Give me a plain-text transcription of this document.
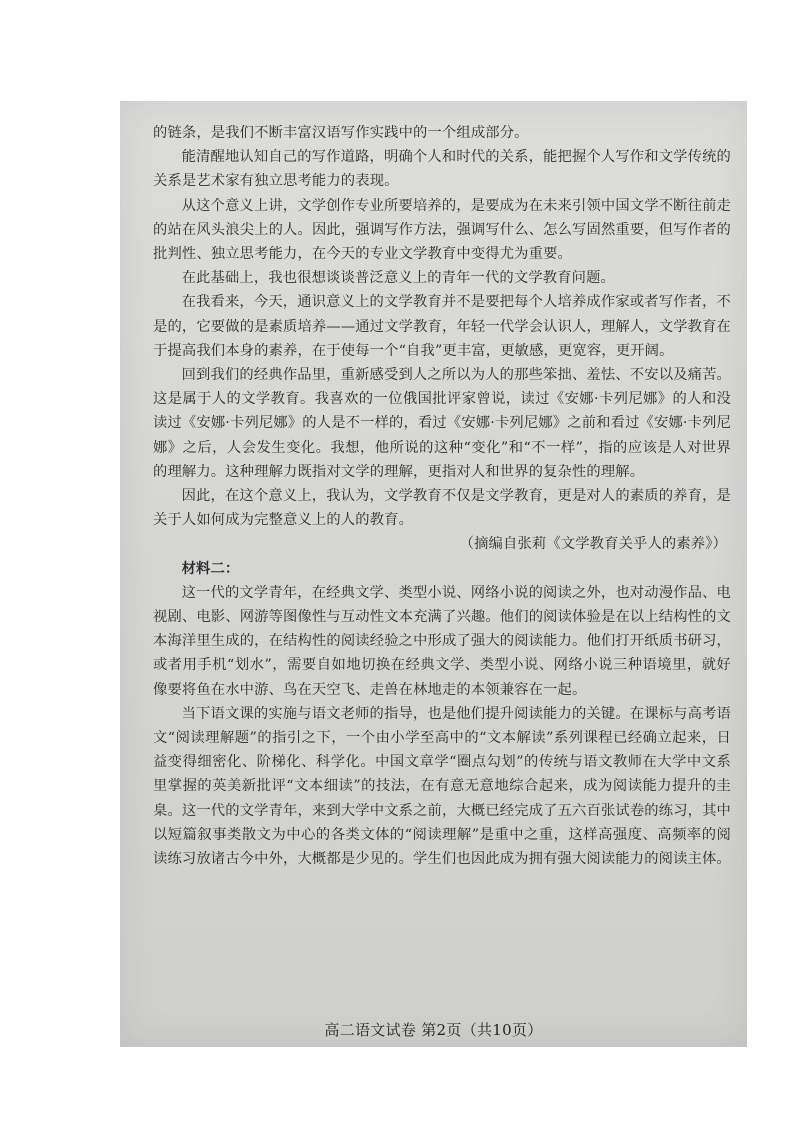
的链条，是我们不断丰富汉语写作实践中的一个组成部分。

能清醒地认知自己的写作道路，明确个人和时代的关系，能把握个人写作和文学传统的关系是艺术家有独立思考能力的表现。

从这个意义上讲，文学创作专业所要培养的，是要成为在未来引领中国文学不断往前走的站在风头浪尖上的人。因此，强调写作方法，强调写什么、怎么写固然重要，但写作者的批判性、独立思考能力，在今天的专业文学教育中变得尤为重要。

在此基础上，我也很想谈谈普泛意义上的青年一代的文学教育问题。

在我看来，今天，通识意义上的文学教育并不是要把每个人培养成作家或者写作者，不是的，它要做的是素质培养——通过文学教育，年轻一代学会认识人，理解人，文学教育在于提高我们本身的素养，在于使每一个“自我”更丰富，更敏感，更宽容，更开阔。

回到我们的经典作品里，重新感受到人之所以为人的那些笨拙、羞怯、不安以及痛苦。这是属于人的文学教育。我喜欢的一位俄国批评家曾说，读过《安娜·卡列尼娜》的人和没读过《安娜·卡列尼娜》的人是不一样的，看过《安娜·卡列尼娜》之前和看过《安娜·卡列尼娜》之后，人会发生变化。我想，他所说的这种“变化”和“不一样”，指的应该是人对世界的理解力。这种理解力既指对文学的理解，更指对人和世界的复杂性的理解。

因此，在这个意义上，我认为，文学教育不仅是文学教育，更是对人的素质的养育，是关于人如何成为完整意义上的人的教育。

（摘编自张莉《文学教育关乎人的素养》）

材料二：

这一代的文学青年，在经典文学、类型小说、网络小说的阅读之外，也对动漫作品、电视剧、电影、网游等图像性与互动性文本充满了兴趣。他们的阅读体验是在以上结构性的文本海洋里生成的，在结构性的阅读经验之中形成了强大的阅读能力。他们打开纸质书研习，或者用手机“划水”，需要自如地切换在经典文学、类型小说、网络小说三种语境里，就好像要将鱼在水中游、鸟在天空飞、走兽在林地走的本领兼容在一起。

当下语文课的实施与语文老师的指导，也是他们提升阅读能力的关键。在课标与高考语文“阅读理解题”的指引之下，一个由小学至高中的“文本解读”系列课程已经确立起来，日益变得细密化、阶梯化、科学化。中国文章学“圈点勾划”的传统与语文教师在大学中文系里掌握的英美新批评“文本细读”的技法，在有意无意地综合起来，成为阅读能力提升的圭臬。这一代的文学青年，来到大学中文系之前，大概已经完成了五六百张试卷的练习，其中以短篇叙事类散文为中心的各类文体的“阅读理解”是重中之重，这样高强度、高频率的阅读练习放诸古今中外，大概都是少见的。学生们也因此成为拥有强大阅读能力的阅读主体。

高二语文试卷 第2页（共10页）
